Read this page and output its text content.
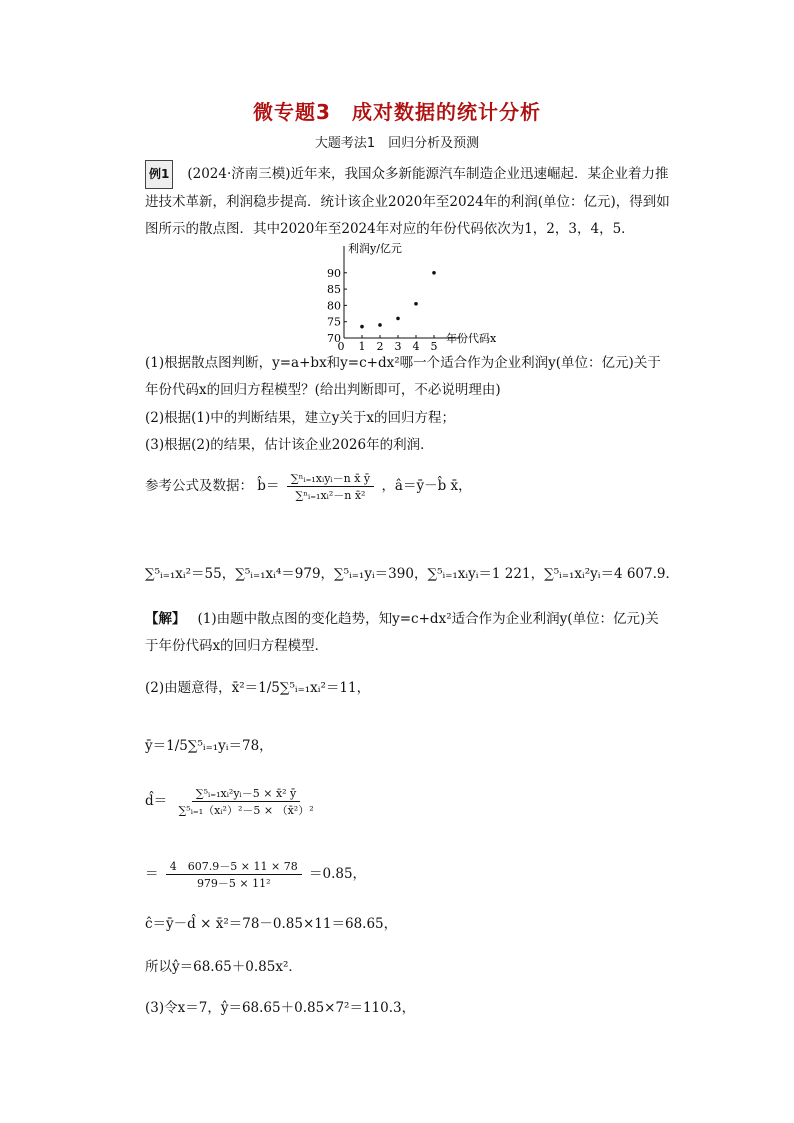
微专题3　成对数据的统计分析
大题考法1　回归分析及预测
例1 (2024·济南三模)近年来，我国众多新能源汽车制造企业迅速崛起．某企业着力推进技术革新，利润稳步提高．统计该企业2020年至2024年的利润(单位：亿元)，得到如图所示的散点图．其中2020年至2024年对应的年份代码依次为1，2，3，4，5．
利润y/亿元
年份代码x
70
75
80
85
90
0 1 2 3 4 5
(1)根据散点图判断，y=a+bx和y=c+dx²哪一个适合作为企业利润y(单位：亿元)关于年份代码x的回归方程模型？(给出判断即可，不必说明理由)
(2)根据(1)中的判断结果，建立y关于x的回归方程；
(3)根据(2)的结果，估计该企业2026年的利润．
参考公式及数据： b̂＝ $\frac{\text{∑ⁿᵢ₌₁xᵢyᵢ－n x̄ ȳ}}{\text{∑ⁿᵢ₌₁xᵢ²－n x̄²}}$ ，â＝ȳ－b̂ x̄，
∑⁵ᵢ₌₁xᵢ²＝55，∑⁵ᵢ₌₁xᵢ⁴＝979，∑⁵ᵢ₌₁yᵢ＝390，∑⁵ᵢ₌₁xᵢyᵢ＝1 221，∑⁵ᵢ₌₁xᵢ²yᵢ＝4 607.9．
【解】 (1)由题中散点图的变化趋势，知y=c+dx²适合作为企业利润y(单位：亿元)关于年份代码x的回归方程模型．
(2)由题意得，x̄²＝1/5∑⁵ᵢ₌₁xᵢ²＝11，
ȳ＝1/5∑⁵ᵢ₌₁yᵢ＝78，
d̂＝ $\frac{\text{∑⁵ᵢ₌₁xᵢ²yᵢ－5 × x̄² ȳ}}{\text{∑⁵ᵢ₌₁（xᵢ²）²－5 × （x̄²）²}}$
＝ $\frac{4 607.9-5 \times 11 \times 78}{\text{979－5 × 11²}} =0.85$，
ĉ＝ȳ－d̂ × x̄²＝78－0.85×11＝68.65，
所以ŷ＝68.65＋0.85x²．
(3)令x＝7，ŷ＝68.65＋0.85×7²＝110.3，
